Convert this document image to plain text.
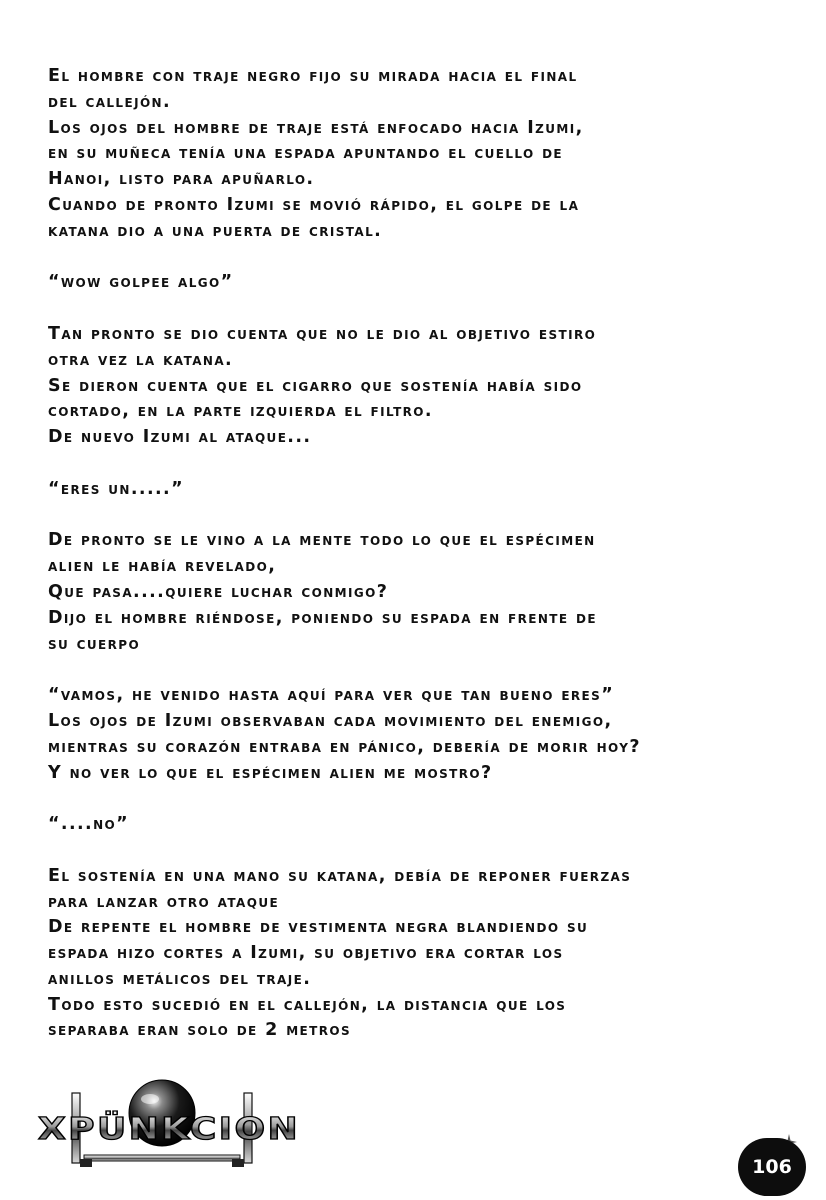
El hombre con traje negro fijo su mirada hacia el final
del callejón.
Los ojos del hombre de traje está enfocado hacia Izumi,
en su muñeca tenía una espada apuntando el cuello de
Hanoi, listo para apuñarlo.
Cuando de pronto Izumi se movió rápido, el golpe de la
katana dio a una puerta de cristal.
“wow golpee algo”
Tan pronto se dio cuenta que no le dio al objetivo estiro
otra vez la katana.
Se dieron cuenta que el cigarro que sostenía había sido
cortado, en la parte izquierda el filtro.
De nuevo Izumi al ataque...
“eres un.....”
De pronto se le vino a la mente todo lo que el espécimen
alien le había revelado,
Que pasa....quiere luchar conmigo?
Dijo el hombre riéndose, poniendo su espada en frente de
su cuerpo
“vamos, he venido hasta aquí para ver que tan bueno eres”
Los ojos de Izumi observaban cada movimiento del enemigo,
mientras su corazón entraba en pánico, debería de morir hoy?
Y no ver lo que el espécimen alien me mostro?
“....no”
El sostenía en una mano su katana, debía de reponer fuerzas
para lanzar otro ataque
De repente el hombre de vestimenta negra blandiendo su
espada hizo cortes a Izumi, su objetivo era cortar los
anillos metálicos del traje.
Todo esto sucedió en el callejón, la distancia que los
separaba eran solo de 2 metros
XPÜNKCION
106
